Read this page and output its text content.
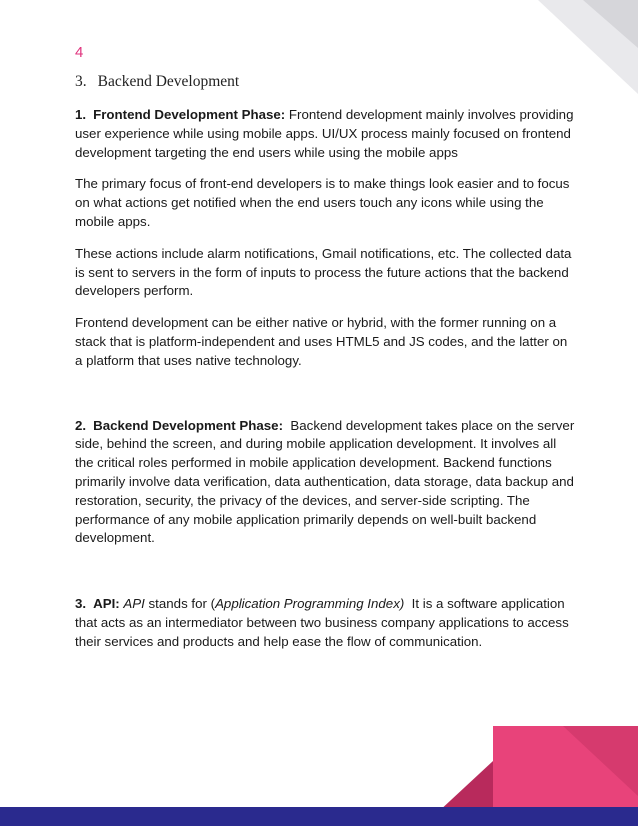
4
3. Backend Development

1. Frontend Development Phase: Frontend development mainly involves providing user experience while using mobile apps. UI/UX process mainly focused on frontend development targeting the end users while using the mobile apps

The primary focus of front-end developers is to make things look easier and to focus on what actions get notified when the end users touch any icons while using the mobile apps.

These actions include alarm notifications, Gmail notifications, etc. The collected data is sent to servers in the form of inputs to process the future actions that the backend developers perform.

Frontend development can be either native or hybrid, with the former running on a stack that is platform-independent and uses HTML5 and JS codes, and the latter on a platform that uses native technology.

2. Backend Development Phase: Backend development takes place on the server side, behind the screen, and during mobile application development. It involves all the critical roles performed in mobile application development. Backend functions primarily involve data verification, data authentication, data storage, data backup and restoration, security, the privacy of the devices, and server-side scripting. The performance of any mobile application primarily depends on well-built backend development.

3. API: API stands for (Application Programming Index)  It is a software application that acts as an intermediator between two business company applications to access their services and products and help ease the flow of communication.
